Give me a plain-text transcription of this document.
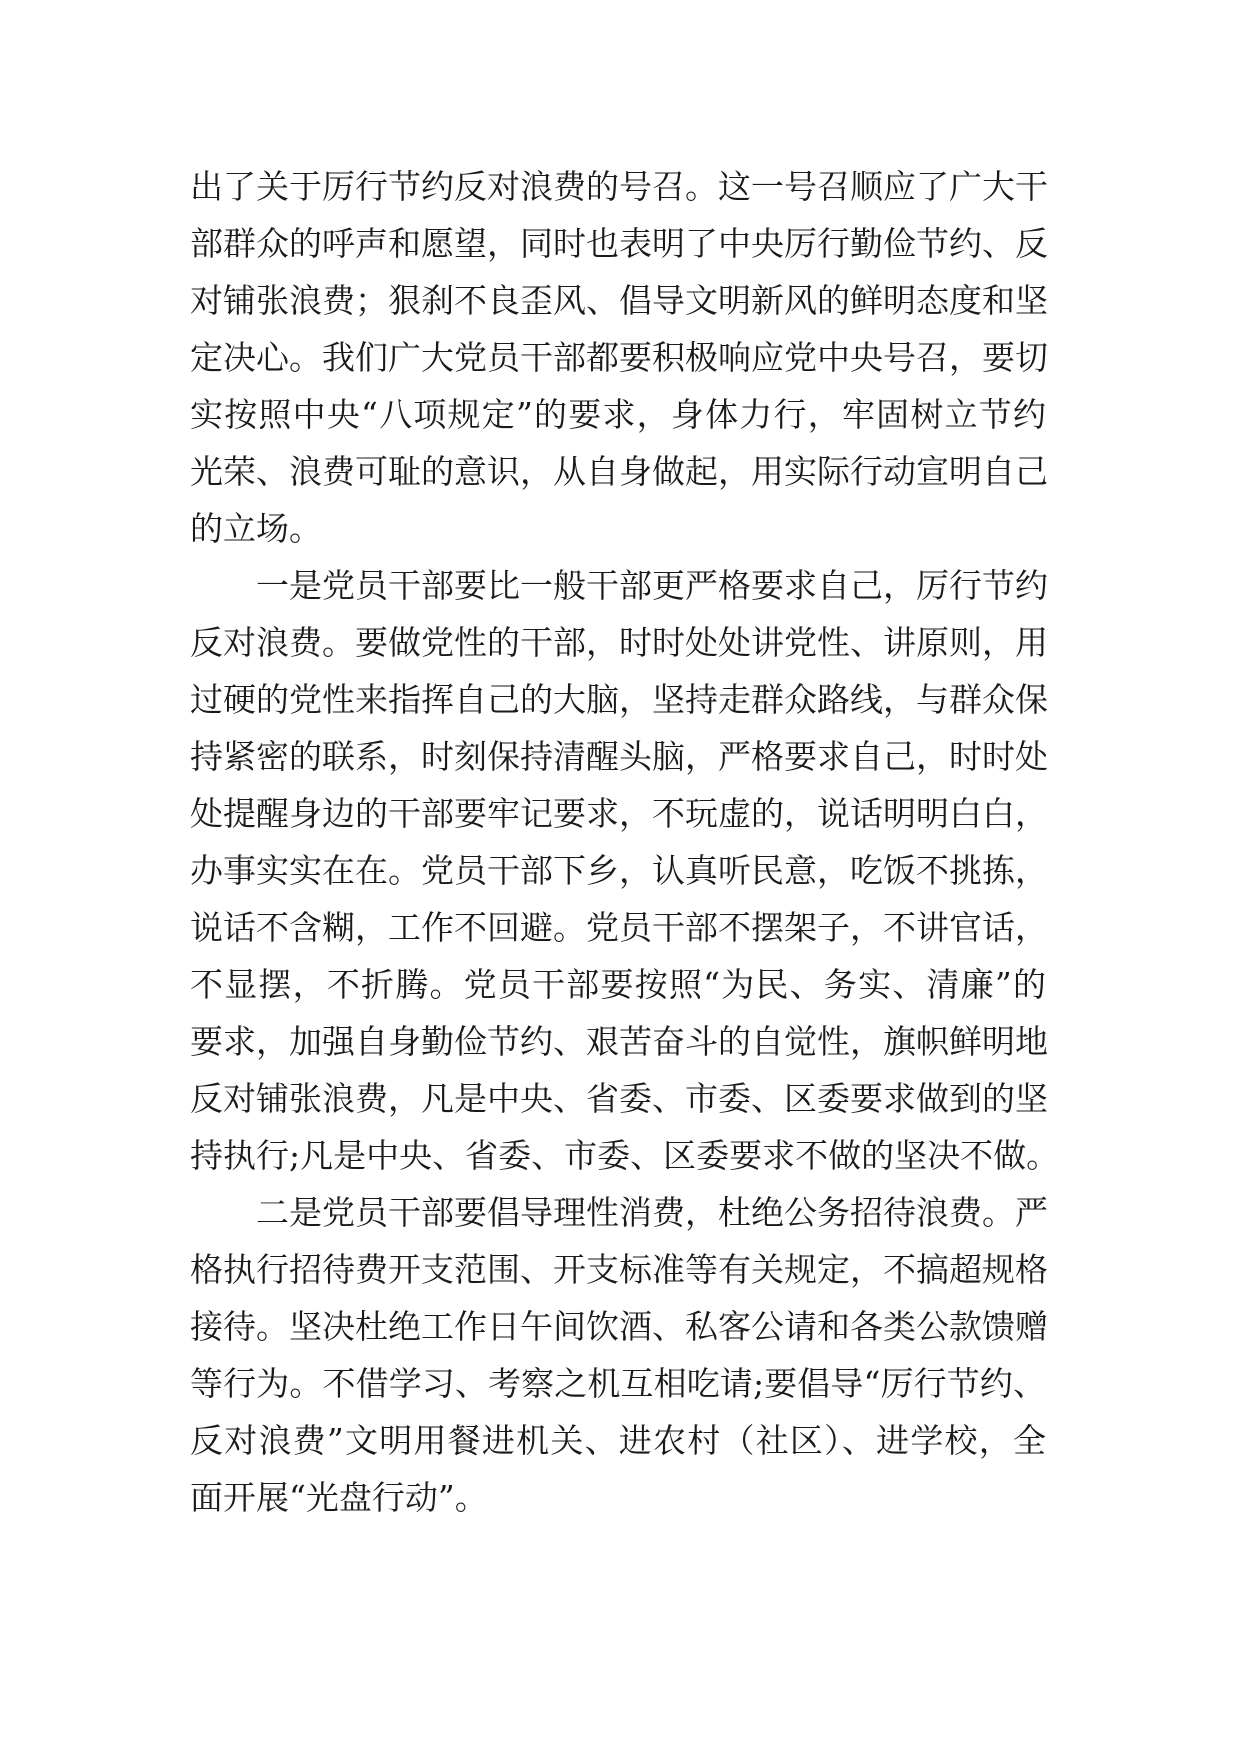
出了关于厉行节约反对浪费的号召。这一号召顺应了广大干
部群众的呼声和愿望，同时也表明了中央厉行勤俭节约、反
对铺张浪费；狠刹不良歪风、倡导文明新风的鲜明态度和坚
定决心。我们广大党员干部都要积极响应党中央号召，要切
实按照中央“八项规定”的要求，身体力行，牢固树立节约
光荣、浪费可耻的意识，从自身做起，用实际行动宣明自己
的立场。
一是党员干部要比一般干部更严格要求自己，厉行节约
反对浪费。要做党性的干部，时时处处讲党性、讲原则，用
过硬的党性来指挥自己的大脑，坚持走群众路线，与群众保
持紧密的联系，时刻保持清醒头脑，严格要求自己，时时处
处提醒身边的干部要牢记要求，不玩虚的，说话明明白白，
办事实实在在。党员干部下乡，认真听民意，吃饭不挑拣，
说话不含糊，工作不回避。党员干部不摆架子，不讲官话，
不显摆，不折腾。党员干部要按照“为民、务实、清廉”的
要求，加强自身勤俭节约、艰苦奋斗的自觉性，旗帜鲜明地
反对铺张浪费，凡是中央、省委、市委、区委要求做到的坚
持执行;凡是中央、省委、市委、区委要求不做的坚决不做。
二是党员干部要倡导理性消费，杜绝公务招待浪费。严
格执行招待费开支范围、开支标准等有关规定，不搞超规格
接待。坚决杜绝工作日午间饮酒、私客公请和各类公款馈赠
等行为。不借学习、考察之机互相吃请;要倡导“厉行节约、
反对浪费”文明用餐进机关、进农村（社区）、进学校，全
面开展“光盘行动”。
